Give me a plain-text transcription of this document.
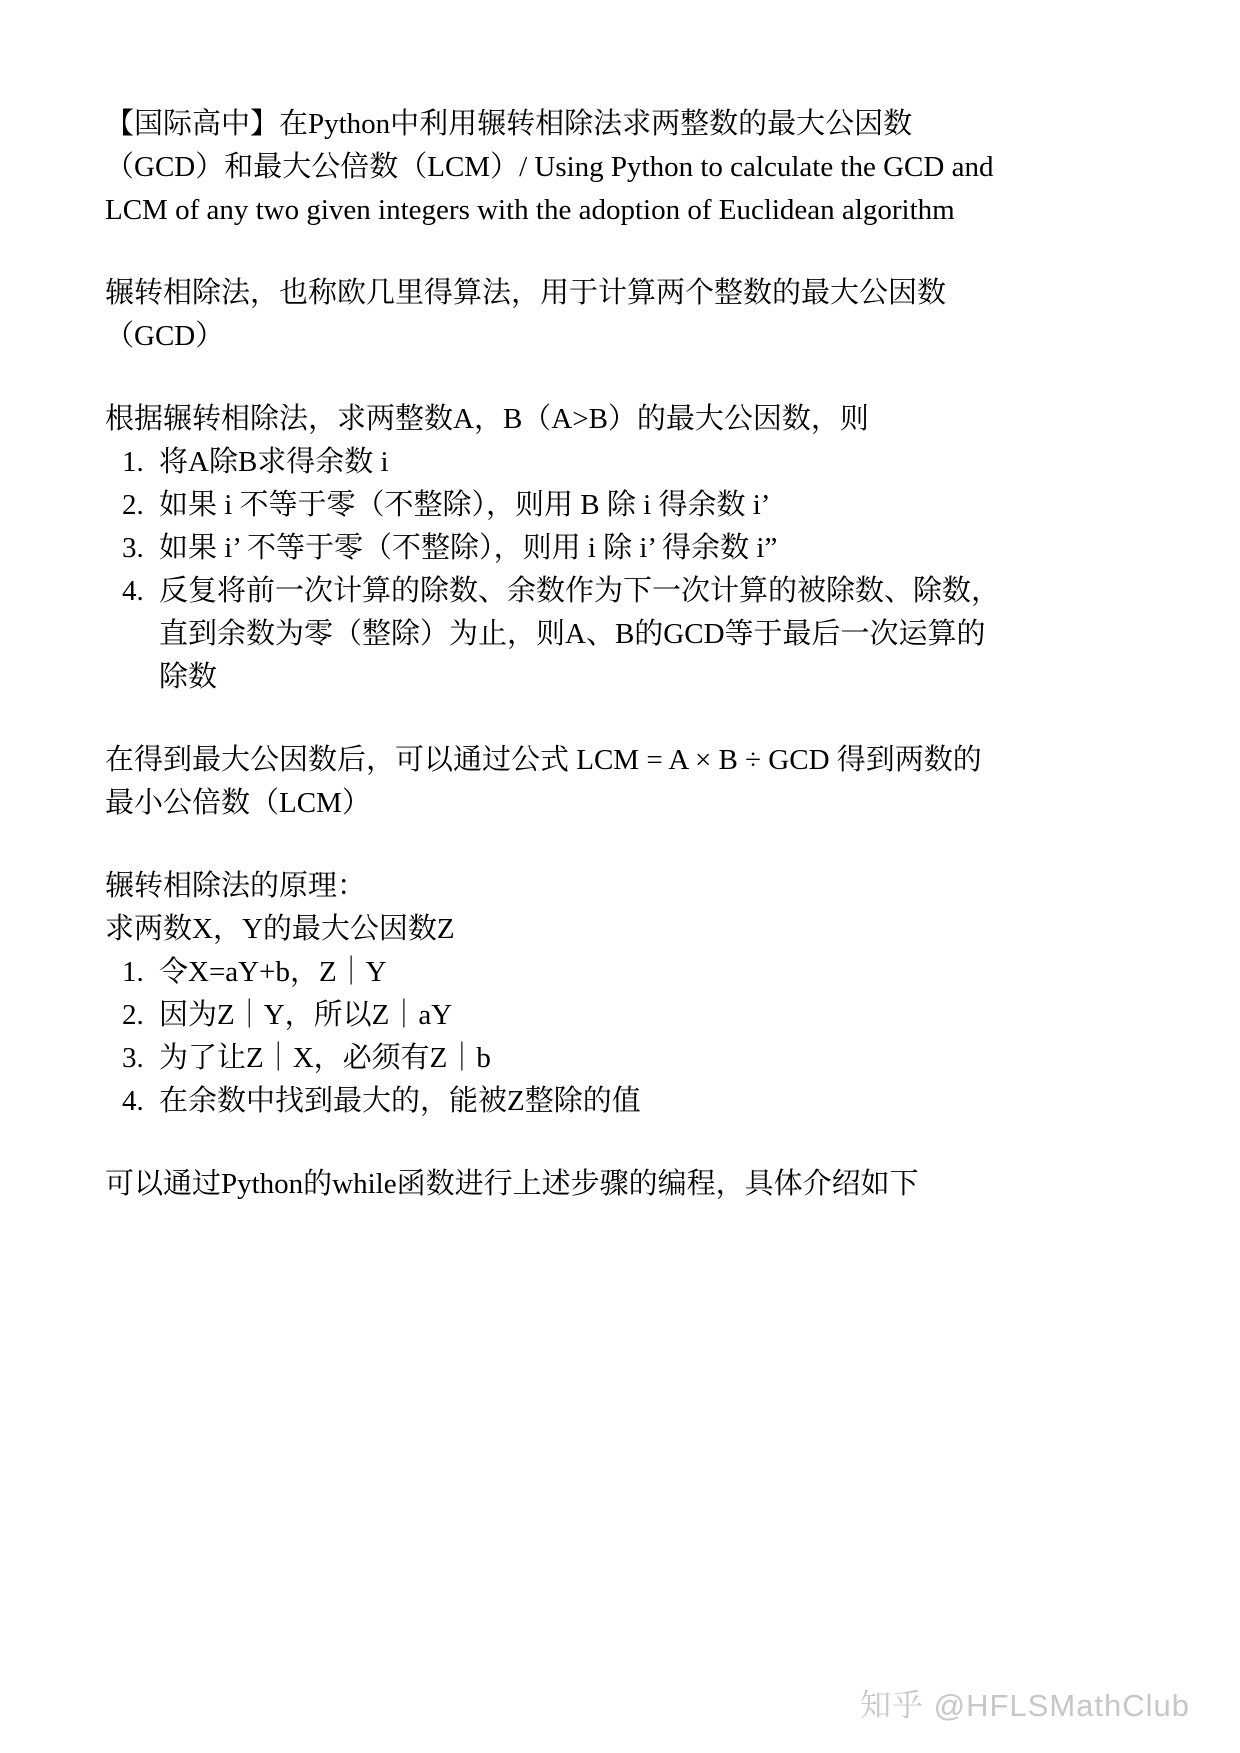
【国际高中】在Python中利用辗转相除法求两整数的最大公因数（GCD）和最大公倍数（LCM）/ Using Python to calculate the GCD and LCM of any two given integers with the adoption of Euclidean algorithm

辗转相除法，也称欧几里得算法，用于计算两个整数的最大公因数（GCD）

根据辗转相除法，求两整数A，B（A>B）的最大公因数，则
1. 将A除B求得余数 i
2. 如果 i 不等于零（不整除），则用 B 除 i 得余数 i’
3. 如果 i’ 不等于零（不整除），则用 i 除 i’ 得余数 i”
4. 反复将前一次计算的除数、余数作为下一次计算的被除数、除数，直到余数为零（整除）为止，则A、B的GCD等于最后一次运算的除数

在得到最大公因数后，可以通过公式 LCM = A × B ÷ GCD 得到两数的最小公倍数（LCM）

辗转相除法的原理：
求两数X，Y的最大公因数Z
1. 令X=aY+b，Z｜Y
2. 因为Z｜Y，所以Z｜aY
3. 为了让Z｜X，必须有Z｜b
4. 在余数中找到最大的，能被Z整除的值

可以通过Python的while函数进行上述步骤的编程，具体介绍如下

知乎 @HFLSMathClub
